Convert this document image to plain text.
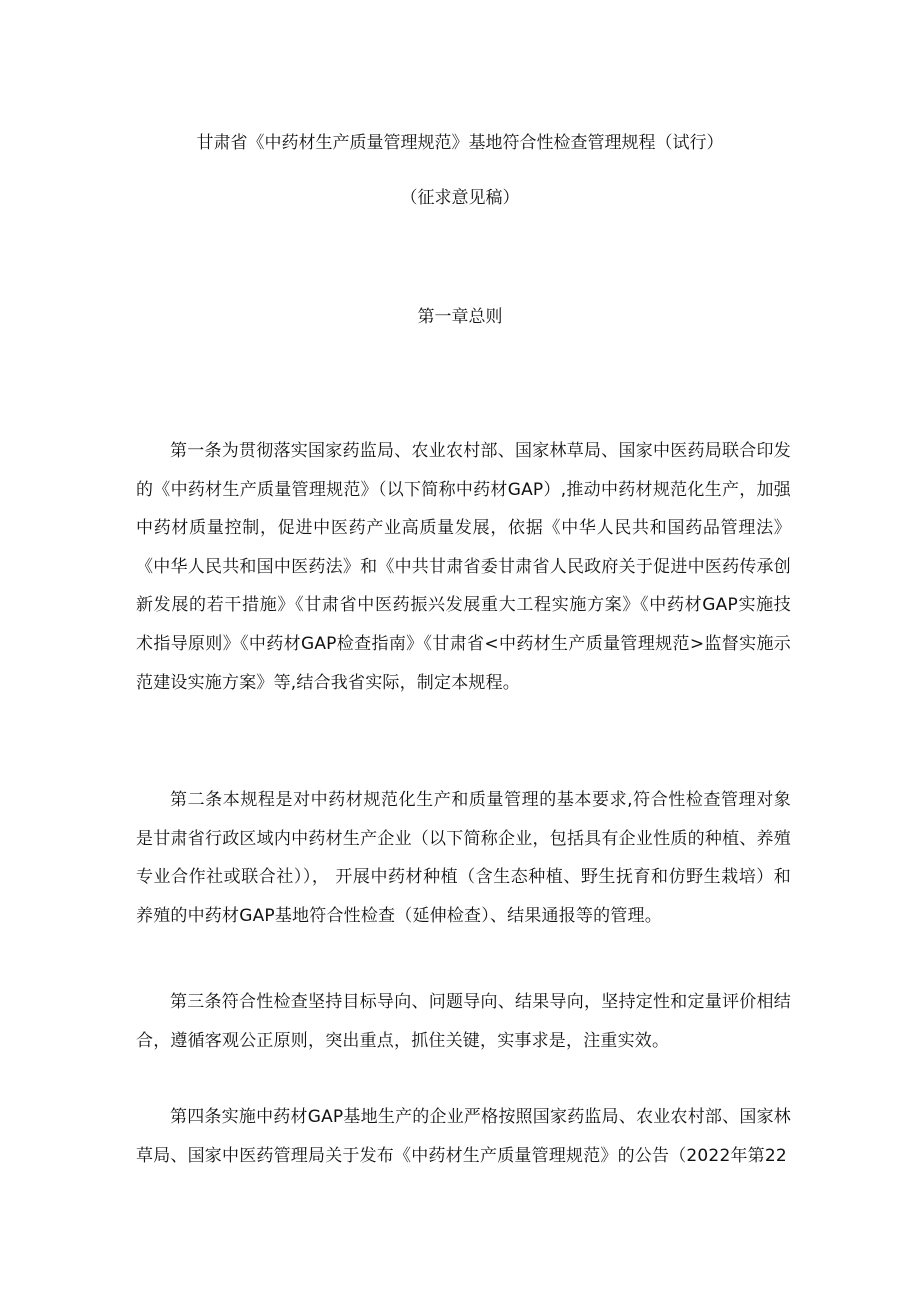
甘肃省《中药材生产质量管理规范》基地符合性检查管理规程（试行）
（征求意见稿）
第一章总则

第一条为贯彻落实国家药监局、农业农村部、国家林草局、国家中医药局联合印发的《中药材生产质量管理规范》（以下简称中药材GAP）,推动中药材规范化生产，加强中药材质量控制，促进中医药产业高质量发展，依据《中华人民共和国药品管理法》《中华人民共和国中医药法》和《中共甘肃省委甘肃省人民政府关于促进中医药传承创新发展的若干措施》《甘肃省中医药振兴发展重大工程实施方案》《中药材GAP实施技术指导原则》《中药材GAP检查指南》《甘肃省<中药材生产质量管理规范>监督实施示范建设实施方案》等,结合我省实际，制定本规程。

第二条本规程是对中药材规范化生产和质量管理的基本要求,符合性检查管理对象是甘肃省行政区域内中药材生产企业（以下简称企业，包括具有企业性质的种植、养殖专业合作社或联合社））， 开展中药材种植（含生态种植、野生抚育和仿野生栽培）和养殖的中药材GAP基地符合性检查（延伸检查）、结果通报等的管理。

第三条符合性检查坚持目标导向、问题导向、结果导向，坚持定性和定量评价相结合，遵循客观公正原则，突出重点，抓住关键，实事求是，注重实效。

第四条实施中药材GAP基地生产的企业严格按照国家药监局、农业农村部、国家林草局、国家中医药管理局关于发布《中药材生产质量管理规范》的公告（2022年第22
